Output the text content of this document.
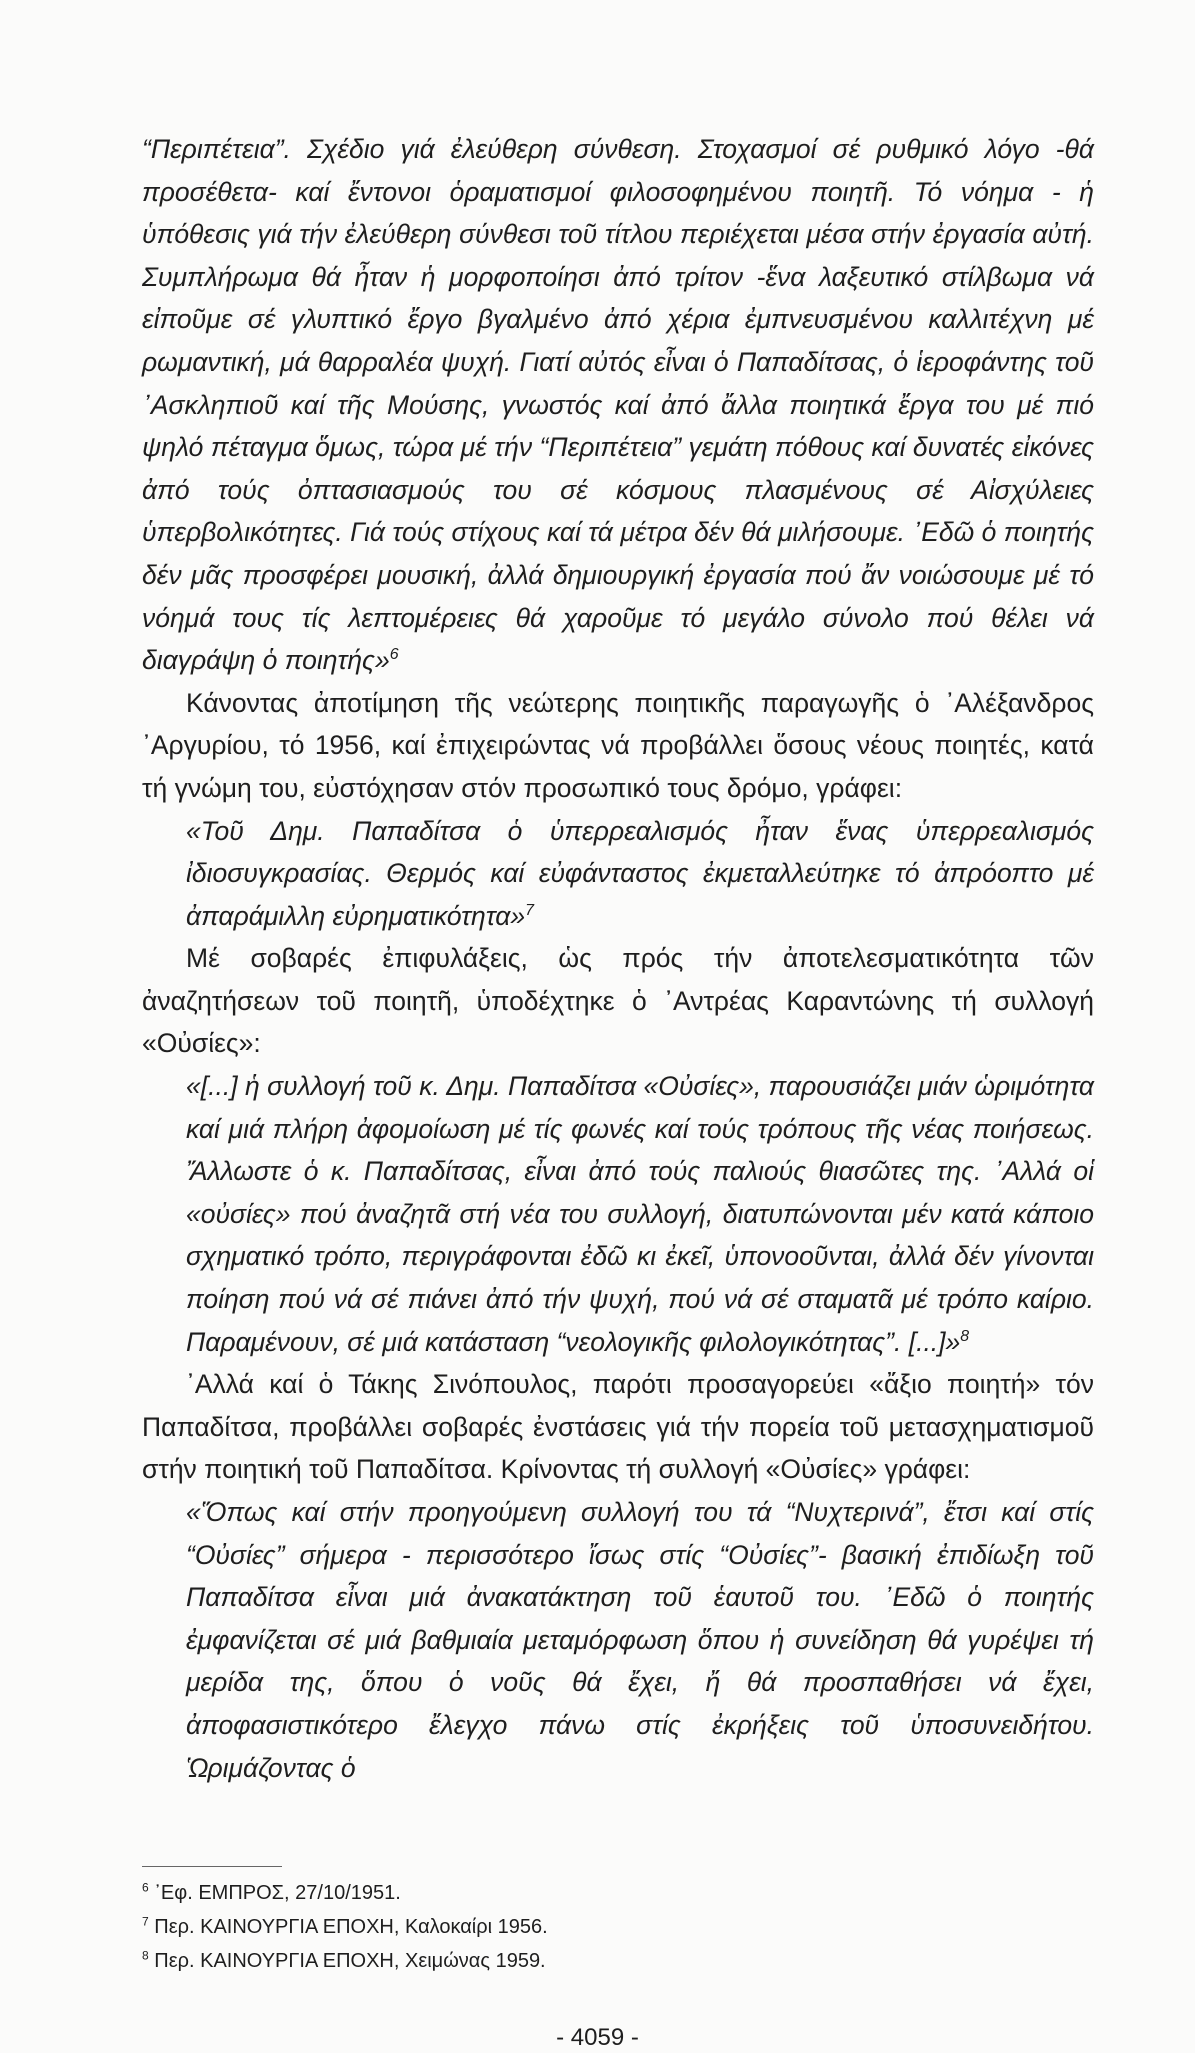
“Περιπέτεια”. Σχέδιο γιά ἐλεύθερη σύνθεση. Στοχασμοί σέ ρυθμικό λόγο -θά προσέθετα- καί ἔντονοι ὁραματισμοί φιλοσοφημένου ποιητῆ. Τό νόημα - ἡ ὑπόθεσις γιά τήν ἐλεύθερη σύνθεσι τοῦ τίτλου περιέχεται μέσα στήν ἐργασία αὐτή. Συμπλήρωμα θά ἦταν ἡ μορφοποίησι ἀπό τρίτον -ἕνα λαξευτικό στίλβωμα νά εἰποῦμε σέ γλυπτικό ἔργο βγαλμένο ἀπό χέρια ἐμπνευσμένου καλλιτέχνη μέ ρωμαντική, μά θαρραλέα ψυχή. Γιατί αὐτός εἶναι ὁ Παπαδίτσας, ὁ ἱεροφάντης τοῦ ᾿Ασκληπιοῦ καί τῆς Μούσης, γνωστός καί ἀπό ἄλλα ποιητικά ἔργα του μέ πιό ψηλό πέταγμα ὅμως, τώρα μέ τήν “Περιπέτεια” γεμάτη πόθους καί δυνατές εἰκόνες ἀπό τούς ὀπτασιασμούς του σέ κόσμους πλασμένους σέ Αἰσχύλειες ὑπερβολικότητες. Γιά τούς στίχους καί τά μέτρα δέν θά μιλήσουμε. ᾿Εδῶ ὁ ποιητής δέν μᾶς προσφέρει μουσική, ἀλλά δημιουργική ἐργασία πού ἄν νοιώσουμε μέ τό νόημά τους τίς λεπτομέρειες θά χαροῦμε τό μεγάλο σύνολο πού θέλει νά διαγράψη ὁ ποιητής»$^6$

Κάνοντας ἀποτίμηση τῆς νεώτερης ποιητικῆς παραγωγῆς ὁ ᾿Αλέξανδρος ᾿Αργυρίου, τό 1956, καί ἐπιχειρώντας νά προβάλλει ὅσους νέους ποιητές, κατά τή γνώμη του, εὐστόχησαν στόν προσωπικό τους δρόμο, γράφει:

«Τοῦ Δημ. Παπαδίτσα ὁ ὑπερρεαλισμός ἦταν ἕνας ὑπερρεαλισμός ἰδιοσυγκρασίας. Θερμός καί εὐφάνταστος ἐκμεταλλεύτηκε τό ἀπρόοπτο μέ ἀπαράμιλλη εὐρηματικότητα»$^7$

Μέ σοβαρές ἐπιφυλάξεις, ὡς πρός τήν ἀποτελεσματικότητα τῶν ἀναζητήσεων τοῦ ποιητῆ, ὑποδέχτηκε ὁ ᾿Αντρέας Καραντώνης τή συλλογή «Οὐσίες»:

«[...] ἡ συλλογή τοῦ κ. Δημ. Παπαδίτσα «Οὐσίες», παρουσιάζει μιάν ὡριμότητα καί μιά πλήρη ἀφομοίωση μέ τίς φωνές καί τούς τρόπους τῆς νέας ποιήσεως. Ἄλλωστε ὁ κ. Παπαδίτσας, εἶναι ἀπό τούς παλιούς θιασῶτες της. ᾿Αλλά οἱ «οὐσίες» πού ἀναζητᾶ στή νέα του συλλογή, διατυπώνονται μέν κατά κάποιο σχηματικό τρόπο, περιγράφονται ἐδῶ κι ἐκεῖ, ὑπονοοῦνται, ἀλλά δέν γίνονται ποίηση πού νά σέ πιάνει ἀπό τήν ψυχή, πού νά σέ σταματᾶ μέ τρόπο καίριο. Παραμένουν, σέ μιά κατάσταση “νεολογικῆς φιλολογικότητας”. [...]»$^8$

᾿Αλλά καί ὁ Τάκης Σινόπουλος, παρότι προσαγορεύει «ἄξιο ποιητή» τόν Παπαδίτσα, προβάλλει σοβαρές ἐνστάσεις γιά τήν πορεία τοῦ μετασχηματισμοῦ στήν ποιητική τοῦ Παπαδίτσα. Κρίνοντας τή συλλογή «Οὐσίες» γράφει:

«Ὅπως καί στήν προηγούμενη συλλογή του τά “Νυχτερινά”, ἔτσι καί στίς “Οὐσίες” σήμερα - περισσότερο ἴσως στίς “Οὐσίες”- βασική ἐπιδίωξη τοῦ Παπαδίτσα εἶναι μιά ἀνακατάκτηση τοῦ ἑαυτοῦ του. ᾿Εδῶ ὁ ποιητής ἐμφανίζεται σέ μιά βαθμιαία μεταμόρφωση ὅπου ἡ συνείδηση θά γυρέψει τή μερίδα της, ὅπου ὁ νοῦς θά ἔχει, ἤ θά προσπαθήσει νά ἔχει, ἀποφασιστικότερο ἔλεγχο πάνω στίς ἐκρήξεις τοῦ ὑποσυνειδήτου. Ὡριμάζοντας ὁ

$^6$ ᾿Εφ. ΕΜΠΡΟΣ, 27/10/1951.
$^7$ Περ. ΚΑΙΝΟΥΡΓΙΑ ΕΠΟΧΗ, Καλοκαίρι 1956.
$^8$ Περ. ΚΑΙΝΟΥΡΓΙΑ ΕΠΟΧΗ, Χειμώνας 1959.
- 4059 -
